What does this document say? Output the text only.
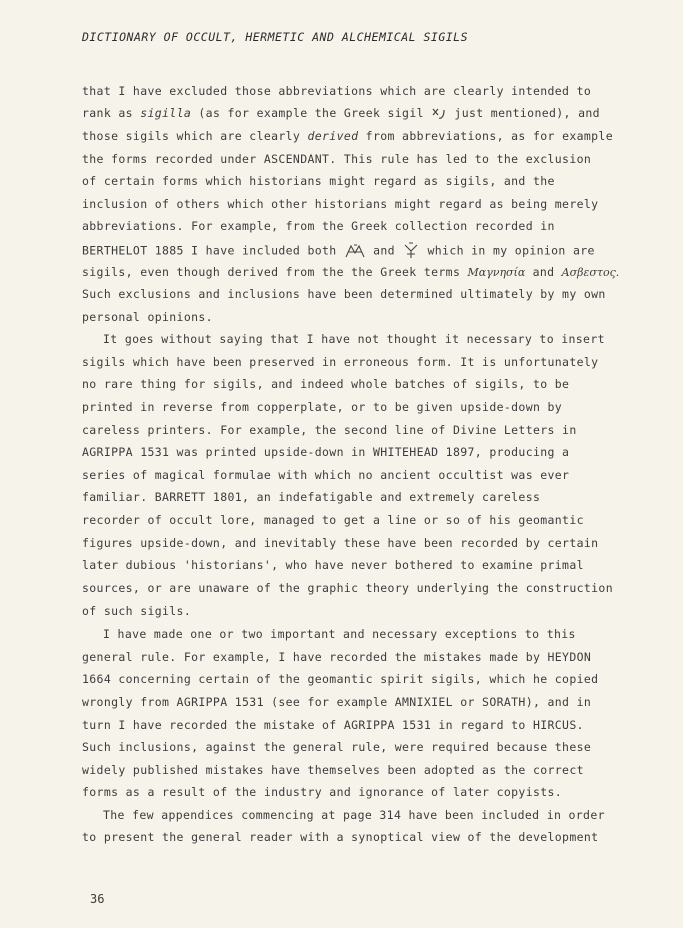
DICTIONARY OF OCCULT, HERMETIC AND ALCHEMICAL SIGILS
that I have excluded those abbreviations which are clearly intended to
rank as sigilla (as for example the Greek sigil  just mentioned), and
those sigils which are clearly derived from abbreviations, as for example
the forms recorded under ASCENDANT. This rule has led to the exclusion
of certain forms which historians might regard as sigils, and the
inclusion of others which other historians might regard as being merely
abbreviations. For example, from the Greek collection recorded in
BERTHELOT 1885 I have included both  and  which in my opinion are
sigils, even though derived from the the Greek terms Μαγνησία and Ασβεστος.
Such exclusions and inclusions have been determined ultimately by my own
personal opinions.
It goes without saying that I have not thought it necessary to insert
sigils which have been preserved in erroneous form. It is unfortunately
no rare thing for sigils, and indeed whole batches of sigils, to be
printed in reverse from copperplate, or to be given upside-down by
careless printers. For example, the second line of Divine Letters in
AGRIPPA 1531 was printed upside-down in WHITEHEAD 1897, producing a
series of magical formulae with which no ancient occultist was ever
familiar. BARRETT 1801, an indefatigable and extremely careless
recorder of occult lore, managed to get a line or so of his geomantic
figures upside-down, and inevitably these have been recorded by certain
later dubious 'historians', who have never bothered to examine primal
sources, or are unaware of the graphic theory underlying the construction
of such sigils.
I have made one or two important and necessary exceptions to this
general rule. For example, I have recorded the mistakes made by HEYDON
1664 concerning certain of the geomantic spirit sigils, which he copied
wrongly from AGRIPPA 1531 (see for example AMNIXIEL or SORATH), and in
turn I have recorded the mistake of AGRIPPA 1531 in regard to HIRCUS.
Such inclusions, against the general rule, were required because these
widely published mistakes have themselves been adopted as the correct
forms as a result of the industry and ignorance of later copyists.
The few appendices commencing at page 314 have been included in order
to present the general reader with a synoptical view of the development
36
